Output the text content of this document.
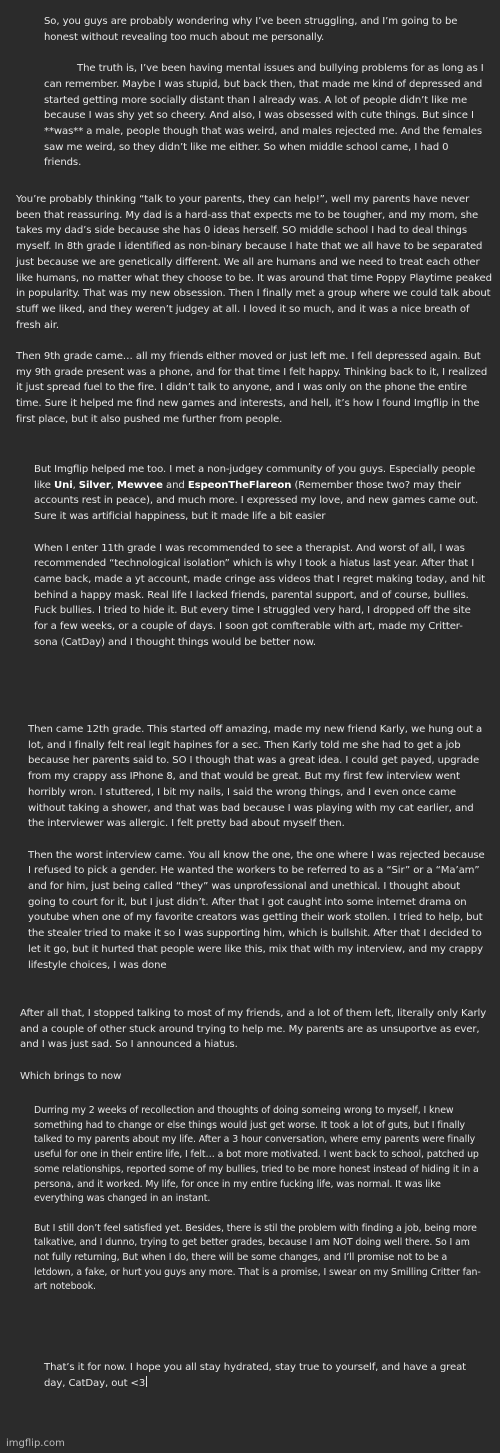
So, you guys are probably wondering why I’ve been struggling, and I’m going to be honest without revealing too much about me personally.
The truth is, I’ve been having mental issues and bullying problems for as long as I can remember. Maybe I was stupid, but back then, that made me kind of depressed and started getting more socially distant than I already was. A lot of people didn’t like me because I was shy yet so cheery. And also, I was obsessed with cute things. But since I **was** a male, people though that was weird, and males rejected me. And the females saw me weird, so they didn’t like me either. So when middle school came, I had 0 friends.
You’re probably thinking “talk to your parents, they can help!”, well my parents have never been that reassuring. My dad is a hard-ass that expects me to be tougher, and my mom, she takes my dad’s side because she has 0 ideas herself. SO middle school I had to deal things myself. In 8th grade I identified as non-binary because I hate that we all have to be separated just because we are genetically different. We all are humans and we need to treat each other like humans, no matter what they choose to be. It was around that time Poppy Playtime peaked in popularity. That was my new obsession. Then I finally met a group where we could talk about stuff we liked, and they weren’t judgey at all. I loved it so much, and it was a nice breath of fresh air.
Then 9th grade came… all my friends either moved or just left me. I fell depressed again. But my 9th grade present was a phone, and for that time I felt happy. Thinking back to it, I realized it just spread fuel to the fire. I didn’t talk to anyone, and I was only on the phone the entire time. Sure it helped me find new games and interests, and hell, it’s how I found Imgflip in the first place, but it also pushed me further from people.
But Imgflip helped me too. I met a non-judgey community of you guys. Especially people like Uni, Silver, Mewvee and EspeonTheFlareon (Remember those two? may their accounts rest in peace), and much more. I expressed my love, and new games came out. Sure it was artificial happiness, but it made life a bit easier
When I enter 11th grade I was recommended to see a therapist. And worst of all, I was recommended “technological isolation” which is why I took a hiatus last year. After that I came back, made a yt account, made cringe ass videos that I regret making today, and hit behind a happy mask. Real life I lacked friends, parental support, and of course, bullies. Fuck bullies. I tried to hide it. But every time I struggled very hard, I dropped off the site for a few weeks, or a couple of days. I soon got comfterable with art, made my Critter-sona (CatDay) and I thought things would be better now.
Then came 12th grade. This started off amazing, made my new friend Karly, we hung out a lot, and I finally felt real legit hapines for a sec. Then Karly told me she had to get a job because her parents said to. SO I though that was a great idea. I could get payed, upgrade from my crappy ass IPhone 8, and that would be great. But my first few interview went horribly wron. I stuttered, I bit my nails, I said the wrong things, and I even once came without taking a shower, and that was bad because I was playing with my cat earlier, and the interviewer was allergic. I felt pretty bad about myself then.
Then the worst interview came. You all know the one, the one where I was rejected because I refused to pick a gender. He wanted the workers to be referred to as a “Sir” or a “Ma’am” and for him, just being called “they” was unprofessional and unethical. I thought about going to court for it, but I just didn’t. After that I got caught into some internet drama on youtube when one of my favorite creators was getting their work stollen. I tried to help, but the stealer tried to make it so I was supporting him, which is bullshit. After that I decided to let it go, but it hurted that people were like this, mix that with my interview, and my crappy lifestyle choices, I was done
After all that, I stopped talking to most of my friends, and a lot of them left, literally only Karly and a couple of other stuck around trying to help me. My parents are as unsuportve as ever, and I was just sad. So I announced a hiatus.
Which brings to now
Durring my 2 weeks of recollection and thoughts of doing someing wrong to myself, I knew something had to change or else things would just get worse. It took a lot of guts, but I finally talked to my parents about my life. After a 3 hour conversation, where emy parents were finally useful for one in their entire life, I felt… a bot more motivated. I went back to school, patched up some relationships, reported some of my bullies, tried to be more honest instead of hiding it in a persona, and it worked. My life, for once in my entire fucking life, was normal. It was like everything was changed in an instant.
But I still don’t feel satisfied yet. Besides, there is stil the problem with finding a job, being more talkative, and I dunno, trying to get better grades, because I am NOT doing well there. So I am not fully returning, But when I do, there will be some changes, and I’ll promise not to be a letdown, a fake, or hurt you guys any more. That is a promise, I swear on my Smilling Critter fan-art notebook.
That’s it for now. I hope you all stay hydrated, stay true to yourself, and have a great day, CatDay, out <3
imgflip.com
